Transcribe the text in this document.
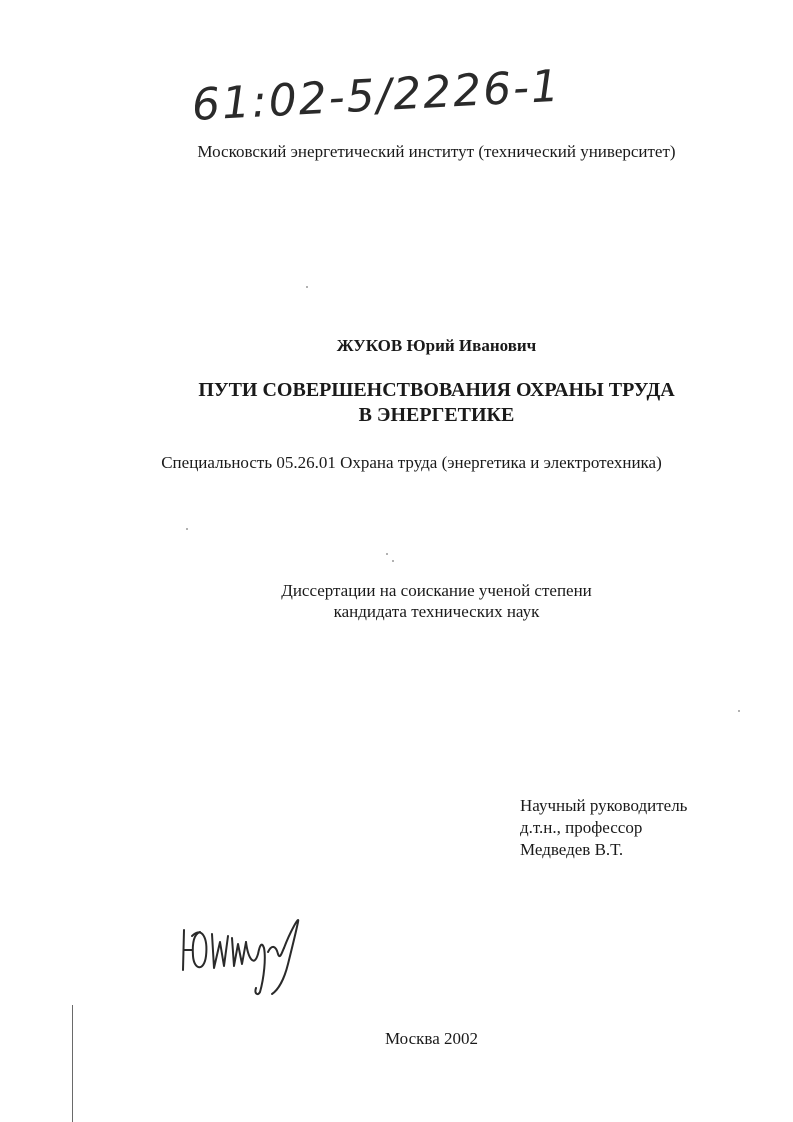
61:02-5/2226-1
Московский энергетический институт (технический университет)
ЖУКОВ Юрий Иванович
ПУТИ СОВЕРШЕНСТВОВАНИЯ ОХРАНЫ ТРУДА
В ЭНЕРГЕТИКЕ
Специальность 05.26.01 Охрана труда (энергетика и электротехника)
Диссертации на соискание ученой степени
кандидата технических наук
Научный руководитель
д.т.н., профессор
Медведев В.Т.
Москва 2002
